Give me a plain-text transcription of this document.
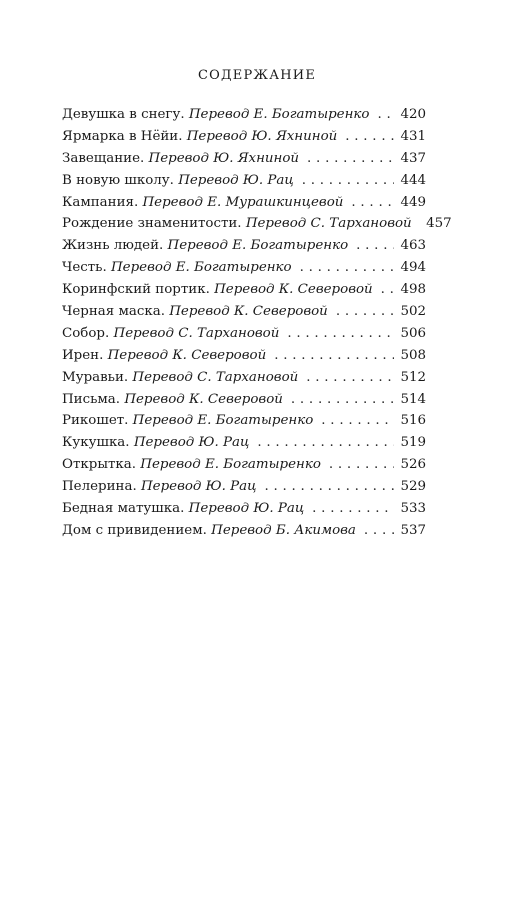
СОДЕРЖАНИЕ
Девушка в снегу. Перевод Е. Богатыренко . . . 420
Ярмарка в Нёйи. Перевод Ю. Яхниной . . .	431
Завещание. Перевод Ю. Яхниной . . .	437
В новую школу. Перевод Ю. Рац . . .	444
Кампания. Перевод Е. Мурашкинцевой . . .	449
Рождение знаменитости. Перевод С. Тархановой 457
Жизнь людей. Перевод Е. Богатыренко . . .	463
Честь. Перевод Е. Богатыренко . . .	494
Коринфский портик. Перевод К. Северовой . . . 498
Черная маска. Перевод К. Северовой . . .	502
Собор. Перевод С. Тархановой . . .	506
Ирен. Перевод К. Северовой . . .	508
Муравьи. Перевод С. Тархановой . . .	512
Письма. Перевод К. Северовой . . .	514
Рикошет. Перевод Е. Богатыренко . . .	516
Кукушка. Перевод Ю. Рац . . .	519
Открытка. Перевод Е. Богатыренко . . .	526
Пелерина. Перевод Ю. Рац . . .	529
Бедная матушка. Перевод Ю. Рац . . .	533
Дом с привидением. Перевод Б. Акимова . . .	537
